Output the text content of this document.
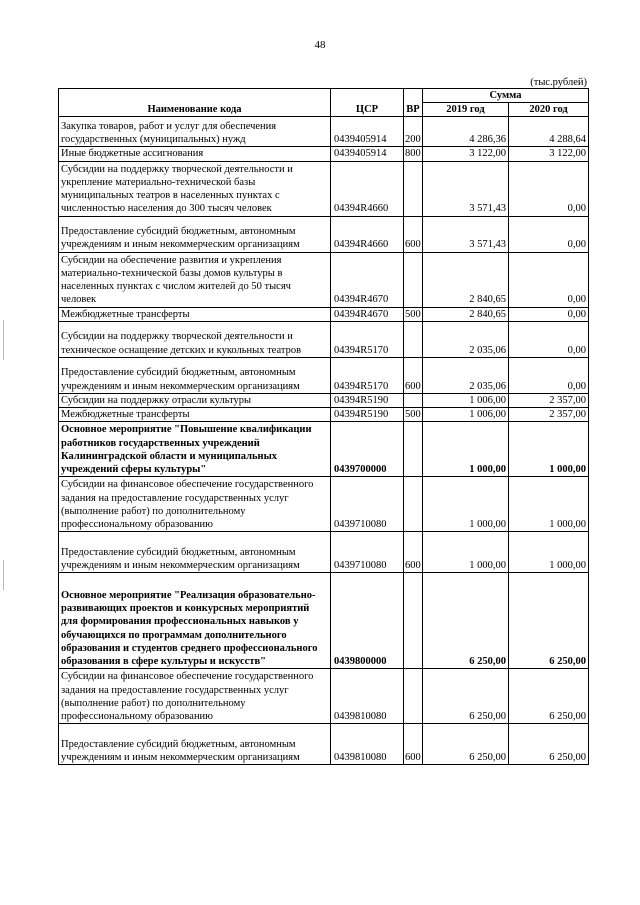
48
(тыс.рублей)
Наименование кода	ЦСР	ВР	Сумма	
			2019 год	2020 год
Закупка товаров, работ и услуг для обеспечения государственных (муниципальных) нужд	0439405914	200	4 286,36	4 288,64
Иные бюджетные ассигнования	0439405914	800	3 122,00	3 122,00
Субсидии на поддержку творческой деятельности и укрепление материально-технической базы муниципальных театров в населенных пунктах с численностью населения до 300 тысяч человек	04394R4660		3 571,43	0,00
Предоставление субсидий бюджетным, автономным учреждениям и иным некоммерческим организациям	04394R4660	600	3 571,43	0,00
Субсидии на обеспечение развития и укрепления материально-технической базы домов культуры в населенных пунктах с числом жителей до 50 тысяч человек	04394R4670		2 840,65	0,00
Межбюджетные трансферты	04394R4670	500	2 840,65	0,00
Субсидии на поддержку творческой деятельности и техническое оснащение детских и кукольных театров	04394R5170		2 035,06	0,00
Предоставление субсидий бюджетным, автономным учреждениям и иным некоммерческим организациям	04394R5170	600	2 035,06	0,00
Субсидии на поддержку отрасли культуры	04394R5190		1 006,00	2 357,00
Межбюджетные трансферты	04394R5190	500	1 006,00	2 357,00
Основное мероприятие "Повышение квалификации работников государственных учреждений Калининградской области и муниципальных учреждений сферы культуры"	0439700000		1 000,00	1 000,00
Субсидии на финансовое обеспечение государственного задания на предоставление государственных услуг (выполнение работ) по дополнительному профессиональному образованию	0439710080		1 000,00	1 000,00
Предоставление субсидий бюджетным, автономным учреждениям и иным некоммерческим организациям	0439710080	600	1 000,00	1 000,00
Основное мероприятие "Реализация образовательно-развивающих проектов и конкурсных мероприятий для формирования профессиональных навыков у обучающихся по программам дополнительного образования и студентов среднего профессионального образования в сфере культуры и искусств"	0439800000		6 250,00	6 250,00
Субсидии на финансовое обеспечение государственного задания на предоставление государственных услуг (выполнение работ) по дополнительному профессиональному образованию	0439810080		6 250,00	6 250,00
Предоставление субсидий бюджетным, автономным учреждениям и иным некоммерческим организациям	0439810080	600	6 250,00	6 250,00
